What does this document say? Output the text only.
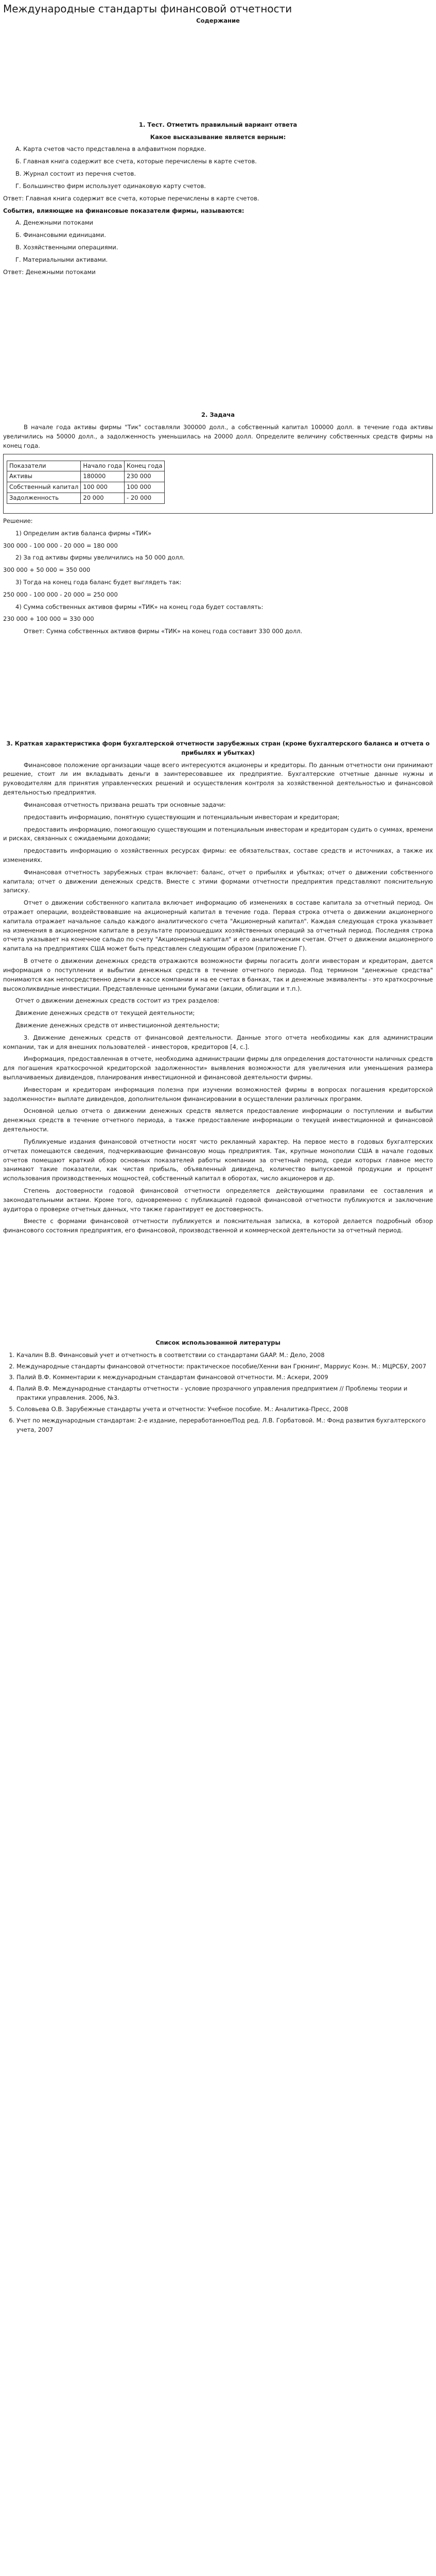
Международные стандарты финансовой отчетности
Содержание
1. Тест. Отметить правильный вариант ответа
Какое высказывание является верным:

А. Карта счетов часто представлена в алфавитном порядке.

Б. Главная книга содержит все счета, которые перечислены в карте счетов.

В. Журнал состоит из перечня счетов.

Г. Большинство фирм использует одинаковую карту счетов.

Ответ: Главная книга содержит все счета, которые перечислены в карте счетов.

События, влияющие на финансовые показатели фирмы, называются:

А. Денежными потоками

Б. Финансовыми единицами.

В. Хозяйственными операциями.

Г. Материальными активами.

Ответ: Денежными потоками

2. Задача

В начале года активы фирмы "Тик" составляли 300000 долл., а собственный капитал 100000 долл. в течение года активы увеличились на 50000 долл., а задолженность уменьшилась на 20000 долл. Определите величину собственных средств фирмы на конец года.

Показатели	Начало года	Конец года
Активы	180000	230 000
Собственный капитал	100 000	100 000
Задолженность	20 000	- 20 000

Решение:

1) Определим актив баланса фирмы «ТИК»

300 000 - 100 000 - 20 000 = 180 000

2) За год активы фирмы увеличились на 50 000 долл.

300 000 + 50 000 = 350 000

3) Тогда на конец года баланс будет выглядеть так:

250 000 - 100 000 - 20 000 = 250 000

4) Сумма собственных активов фирмы «ТИК» на конец года будет составлять:

230 000 + 100 000 = 330 000

Ответ: Сумма собственных активов фирмы «ТИК» на конец года составит 330 000 долл.

3. Краткая характеристика форм бухгалтерской отчетности зарубежных стран (кроме бухгалтерского баланса и отчета о прибылях и убытках)

Финансовое положение организации чаще всего интересуются акционеры и кредиторы. По данным отчетности они принимают решение, стоит ли им вкладывать деньги в заинтересовавшее их предприятие. Бухгалтерские отчетные данные нужны и руководителям для принятия управленческих решений и осуществления контроля за хозяйственной деятельностью и финансовой деятельностью предприятия.

Финансовая отчетность призвана решать три основные задачи:

предоставить информацию, понятную существующим и потенциальным инвесторам и кредиторам;

предоставить информацию, помогающую существующим и потенциальным инвесторам и кредиторам судить о суммах, времени и рисках, связанных с ожидаемыми доходами;

предоставить информацию о хозяйственных ресурсах фирмы: ее обязательствах, составе средств и источниках, а также их изменениях.

Финансовая отчетность зарубежных стран включает: баланс, отчет о прибылях и убытках; отчет о движении собственного капитала; отчет о движении денежных средств. Вместе с этими формами отчетности предприятия представляют пояснительную записку.

Отчет о движении собственного капитала включает информацию об изменениях в составе капитала за отчетный период. Он отражает операции, воздействовавшие на акционерный капитал в течение года. Первая строка отчета о движении акционерного капитала отражает начальное сальдо каждого аналитического счета "Акционерный капитал". Каждая следующая строка указывает на изменения в акционерном капитале в результате произошедших хозяйственных операций за отчетный период. Последняя строка отчета указывает на конечное сальдо по счету "Акционерный капитал" и его аналитическим счетам. Отчет о движении акционерного капитала на предприятиях США может быть представлен следующим образом (приложение Г).

В отчете о движении денежных средств отражаются возможности фирмы погасить долги инвесторам и кредиторам, дается информация о поступлении и выбытии денежных средств в течение отчетного периода. Под термином "денежные средства" понимаются как непосредственно деньги в кассе компании и на ее счетах в банках, так и денежные эквиваленты - это краткосрочные высоколиквидные инвестиции. Представленные ценными бумагами (акции, облигации и т.п.).

Отчет о движении денежных средств состоит из трех разделов:

Движение денежных средств от текущей деятельности;

Движение денежных средств от инвестиционной деятельности;

3. Движение денежных средств от финансовой деятельности. Данные этого отчета необходимы как для администрации компании, так и для внешних пользователей - инвесторов, кредиторов [4, с.].

Информация, предоставленная в отчете, необходима администрации фирмы для определения достаточности наличных средств для погашения краткосрочной кредиторской задолженности» выявления возможности для увеличения или уменьшения размера выплачиваемых дивидендов, планирования инвестиционной и финансовой деятельности фирмы.

Инвесторам и кредиторам информация полезна при изучении возможностей фирмы в вопросах погашения кредиторской задолженности» выплате дивидендов, дополнительном финансировании в осуществлении различных программ.

Основной целью отчета о движении денежных средств является предоставление информации о поступлении и выбытии денежных средств в течение отчетного периода, а также предоставление информации о текущей инвестиционной и финансовой деятельности.

Публикуемые издания финансовой отчетности носят чисто рекламный характер. На первое место в годовых бухгалтерских отчетах помещаются сведения, подчеркивающие финансовую мощь предприятия. Так, крупные монополии США в начале годовых отчетов помещают краткий обзор основных показателей работы компании за отчетный период, среди которых главное место занимают такие показатели, как чистая прибыль, объявленный дивиденд, количество выпускаемой продукции и процент использования производственных мощностей, собственный капитал в оборотах, число акционеров и др.

Степень достоверности годовой финансовой отчетности определяется действующими правилами ее составления и законодательными актами. Кроме того, одновременно с публикацией годовой финансовой отчетности публикуются и заключение аудитора о проверке отчетных данных, что также гарантирует ее достоверность.

Вместе с формами финансовой отчетности публикуется и пояснительная записка, в которой делается подробный обзор финансового состояния предприятия, его финансовой, производственной и коммерческой деятельности за отчетный период.

Список использованной литературы
1. Качалин В.В. Финансовый учет и отчетность в соответствии со стандартами GAAP. М.: Дело, 2008
2. Международные стандарты финансовой отчетности: практическое пособие/Хенни ван Грюнинг, Марриус Коэн. М.: МЦРСБУ, 2007
3. Палий В.Ф. Комментарии к международным стандартам финансовой отчетности. М.: Аскери, 2009
4. Палий В.Ф. Международные стандарты отчетности - условие прозрачного управления предприятием // Проблемы теории и практики управления. 2006, №3.
5. Соловьева О.В. Зарубежные стандарты учета и отчетности: Учебное пособие. М.: Аналитика-Пресс, 2008
6. Учет по международным стандартам: 2-е издание, переработанное/Под ред. Л.В. Горбатовой. М.: Фонд развития бухгалтерского учета, 2007
